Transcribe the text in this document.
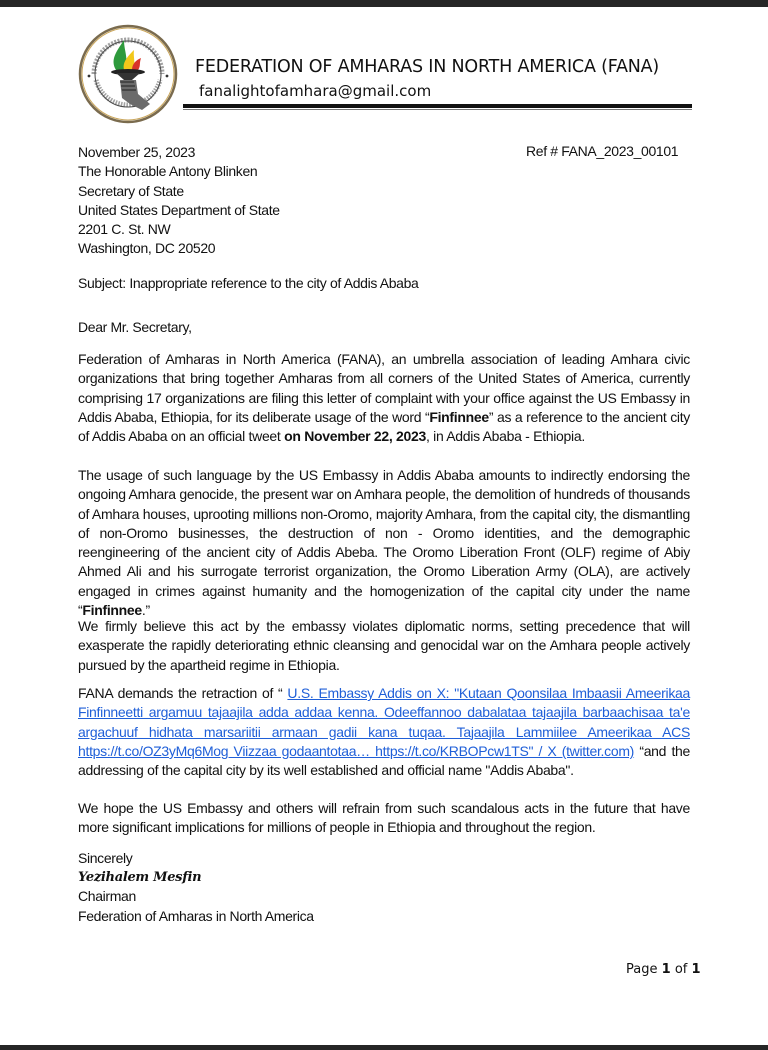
FEDERATION OF AMHARAS IN NORTH AMERICA (FANA)
fanalightofamhara@gmail.com
November 25, 2023
The Honorable Antony Blinken
Secretary of State
United States Department of State
2201 C. St. NW
Washington, DC 20520
Ref # FANA_2023_00101
Subject: Inappropriate reference to the city of Addis Ababa
Dear Mr. Secretary,
Federation of Amharas in North America (FANA), an umbrella association of leading Amhara civic organizations that bring together Amharas from all corners of the United States of America, currently comprising 17 organizations are filing this letter of complaint with your office against the US Embassy in Addis Ababa, Ethiopia, for its deliberate usage of the word “Finfinnee” as a reference to the ancient city of Addis Ababa on an official tweet on November 22, 2023, in Addis Ababa - Ethiopia.
The usage of such language by the US Embassy in Addis Ababa amounts to indirectly endorsing the ongoing Amhara genocide, the present war on Amhara people, the demolition of hundreds of thousands of Amhara houses, uprooting millions non-Oromo, majority Amhara, from the capital city, the dismantling of non-Oromo businesses, the destruction of non - Oromo identities, and the demographic reengineering of the ancient city of Addis Abeba. The Oromo Liberation Front (OLF) regime of Abiy Ahmed Ali and his surrogate terrorist organization, the Oromo Liberation Army (OLA), are actively engaged in crimes against humanity and the homogenization of the capital city under the name “Finfinnee.”
We firmly believe this act by the embassy violates diplomatic norms, setting precedence that will exasperate the rapidly deteriorating ethnic cleansing and genocidal war on the Amhara people actively pursued by the apartheid regime in Ethiopia.
FANA demands the retraction of “ U.S. Embassy Addis on X: "Kutaan Qoonsilaa Imbaasii Ameerikaa Finfinneetti argamuu tajaajila adda addaa kenna. Odeeffannoo dabalataa tajaajila barbaachisaa ta'e argachuuf hidhata marsariitii armaan gadii kana tuqaa. Tajaajila Lammiilee Ameerikaa ACS https://t.co/OZ3yMq6Mog Viizzaa godaantotaa… https://t.co/KRBOPcw1TS" / X (twitter.com) “and the addressing of the capital city by its well established and official name "Addis Ababa".
We hope the US Embassy and others will refrain from such scandalous acts in the future that have more significant implications for millions of people in Ethiopia and throughout the region.
Sincerely
Yezihalem Mesfin
Chairman
Federation of Amharas in North America
Page 1 of 1
